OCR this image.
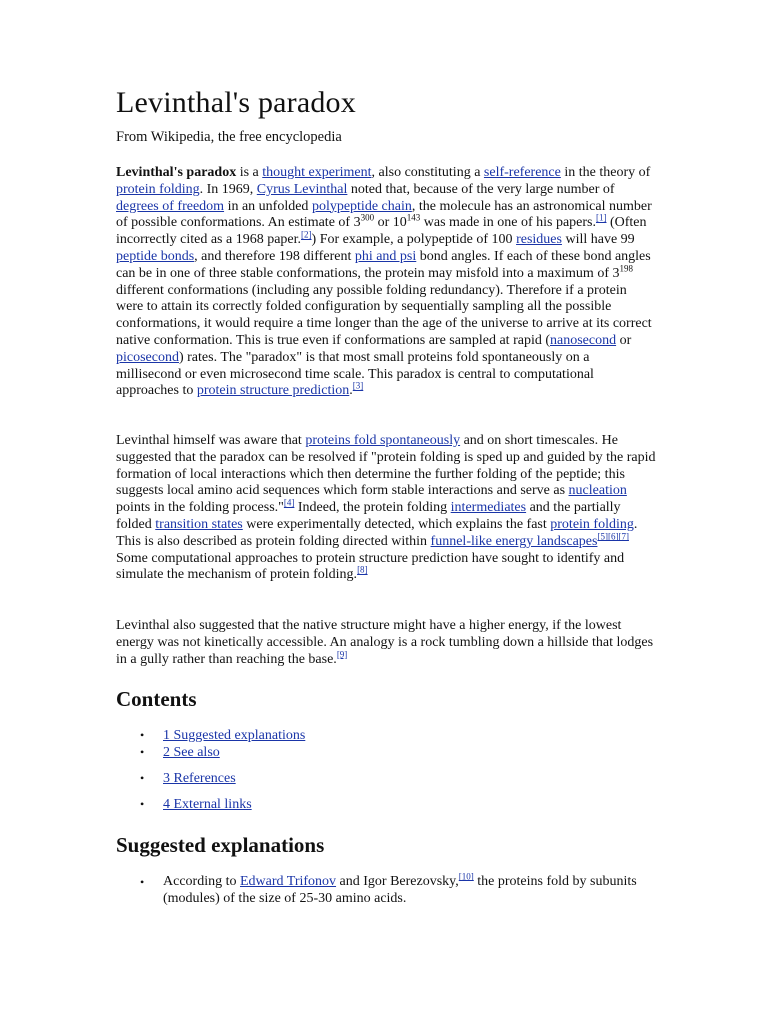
Levinthal's paradox
From Wikipedia, the free encyclopedia
Levinthal's paradox is a thought experiment, also constituting a self-reference in the theory of protein folding. In 1969, Cyrus Levinthal noted that, because of the very large number of degrees of freedom in an unfolded polypeptide chain, the molecule has an astronomical number of possible conformations. An estimate of $3^{300}$ or $10^{143}$ was made in one of his papers.[1] (Often incorrectly cited as a 1968 paper.[2]) For example, a polypeptide of 100 residues will have 99 peptide bonds, and therefore 198 different phi and psi bond angles. If each of these bond angles can be in one of three stable conformations, the protein may misfold into a maximum of $3^{198}$ different conformations (including any possible folding redundancy). Therefore if a protein were to attain its correctly folded configuration by sequentially sampling all the possible conformations, it would require a time longer than the age of the universe to arrive at its correct native conformation. This is true even if conformations are sampled at rapid (nanosecond or picosecond) rates. The "paradox" is that most small proteins fold spontaneously on a millisecond or even microsecond time scale. This paradox is central to computational approaches to protein structure prediction.[3]
Levinthal himself was aware that proteins fold spontaneously and on short timescales. He suggested that the paradox can be resolved if "protein folding is sped up and guided by the rapid formation of local interactions which then determine the further folding of the peptide; this suggests local amino acid sequences which form stable interactions and serve as nucleation points in the folding process."[4] Indeed, the protein folding intermediates and the partially folded transition states were experimentally detected, which explains the fast protein folding. This is also described as protein folding directed within funnel-like energy landscapes[5][6][7] Some computational approaches to protein structure prediction have sought to identify and simulate the mechanism of protein folding.[8]
Levinthal also suggested that the native structure might have a higher energy, if the lowest energy was not kinetically accessible. An analogy is a rock tumbling down a hillside that lodges in a gully rather than reaching the base.[9]
Contents
• 1 Suggested explanations
• 2 See also
• 3 References
• 4 External links
Suggested explanations
• According to Edward Trifonov and Igor Berezovsky,[10] the proteins fold by subunits (modules) of the size of 25-30 amino acids.
